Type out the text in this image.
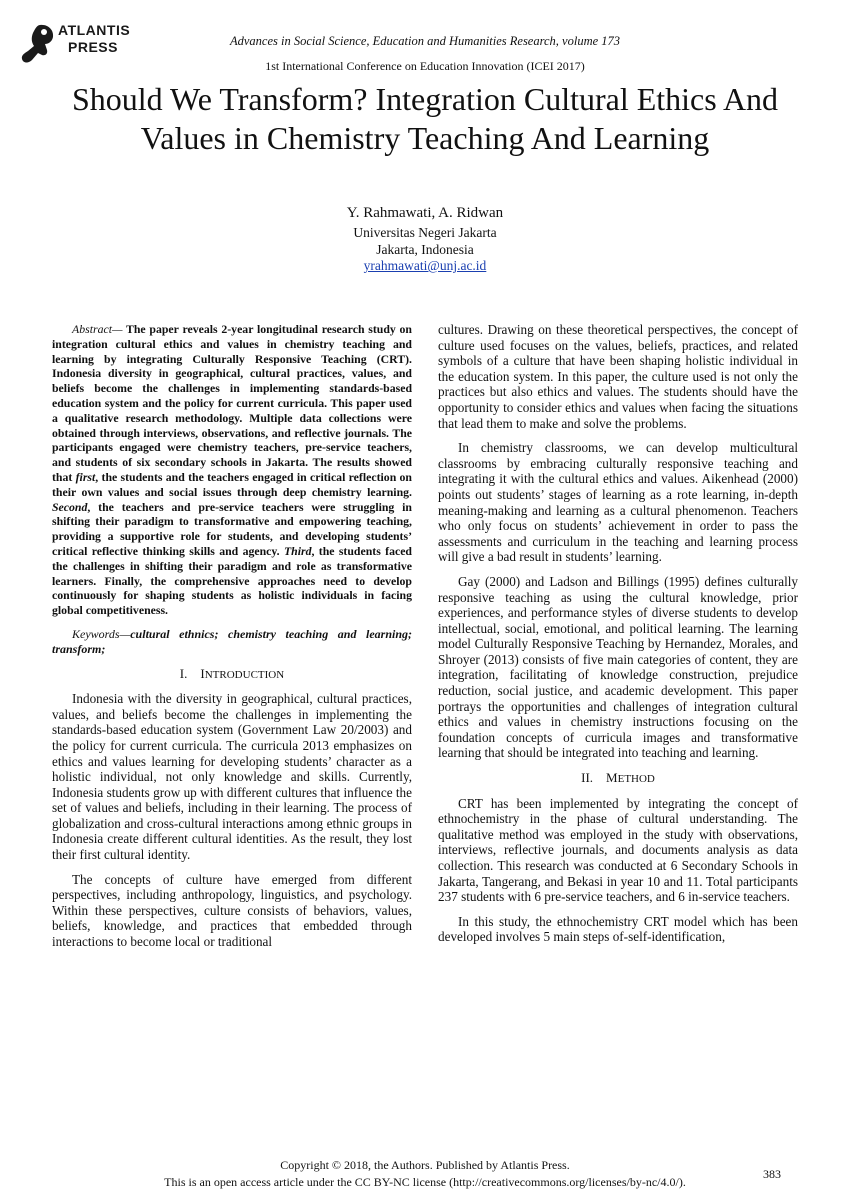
ATLANTIS
PRESS	Advances in Social Science, Education and Humanities Research, volume 173
1st International Conference on Education Innovation (ICEI 2017)
Should We Transform? Integration Cultural Ethics And Values in Chemistry Teaching And Learning
Y. Rahmawati, A. Ridwan
Universitas Negeri Jakarta
Jakarta, Indonesia
yrahmawati@unj.ac.id

Abstract— The paper reveals 2-year longitudinal research study on integration cultural ethics and values in chemistry teaching and learning by integrating Culturally Responsive Teaching (CRT). Indonesia diversity in geographical, cultural practices, values, and beliefs become the challenges in implementing standards-based education system and the policy for current curricula. This paper used a qualitative research methodology. Multiple data collections were obtained through interviews, observations, and reflective journals. The participants engaged were chemistry teachers, pre-service teachers, and students of six secondary schools in Jakarta. The results showed that first, the students and the teachers engaged in critical reflection on their own values and social issues through deep chemistry learning. Second, the teachers and pre-service teachers were struggling in shifting their paradigm to transformative and empowering teaching, providing a supportive role for students, and developing students’ critical reflective thinking skills and agency. Third, the students faced the challenges in shifting their paradigm and role as transformative learners. Finally, the comprehensive approaches need to develop continuously for shaping students as holistic individuals in facing global competitiveness.

Keywords—cultural ethnics; chemistry teaching and learning; transform;

I. INTRODUCTION

Indonesia with the diversity in geographical, cultural practices, values, and beliefs become the challenges in implementing the standards-based education system (Government Law 20/2003) and the policy for current curricula. The curricula 2013 emphasizes on ethics and values learning for developing students’ character as a holistic individual, not only knowledge and skills. Currently, Indonesia students grow up with different cultures that influence the set of values and beliefs, including in their learning. The process of globalization and cross-cultural interactions among ethnic groups in Indonesia create different cultural identities. As the result, they lost their first cultural identity.

The concepts of culture have emerged from different perspectives, including anthropology, linguistics, and psychology. Within these perspectives, culture consists of behaviors, values, beliefs, knowledge, and practices that embedded through interactions to become local or traditional

cultures. Drawing on these theoretical perspectives, the concept of culture used focuses on the values, beliefs, practices, and related symbols of a culture that have been shaping holistic individual in the education system. In this paper, the culture used is not only the practices but also ethics and values. The students should have the opportunity to consider ethics and values when facing the situations that lead them to make and solve the problems.

In chemistry classrooms, we can develop multicultural classrooms by embracing culturally responsive teaching and integrating it with the cultural ethics and values. Aikenhead (2000) points out students’ stages of learning as a rote learning, in-depth meaning-making and learning as a cultural phenomenon. Teachers who only focus on students’ achievement in order to pass the assessments and curriculum in the teaching and learning process will give a bad result in students’ learning.

Gay (2000) and Ladson and Billings (1995) defines culturally responsive teaching as using the cultural knowledge, prior experiences, and performance styles of diverse students to develop intellectual, social, emotional, and political learning. The learning model Culturally Responsive Teaching by Hernandez, Morales, and Shroyer (2013) consists of five main categories of content, they are integration, facilitating of knowledge construction, prejudice reduction, social justice, and academic development. This paper portrays the opportunities and challenges of integration cultural ethics and values in chemistry instructions focusing on the foundation concepts of curricula images and transformative learning that should be integrated into teaching and learning.

II. METHOD

CRT has been implemented by integrating the concept of ethnochemistry in the phase of cultural understanding. The qualitative method was employed in the study with observations, interviews, reflective journals, and documents analysis as data collection. This research was conducted at 6 Secondary Schools in Jakarta, Tangerang, and Bekasi in year 10 and 11. Total participants 237 students with 6 pre-service teachers, and 6 in-service teachers.

In this study, the ethnochemistry CRT model which has been developed involves 5 main steps of-self-identification,

Copyright © 2018, the Authors. Published by Atlantis Press.
This is an open access article under the CC BY-NC license (http://creativecommons.org/licenses/by-nc/4.0/).
383
